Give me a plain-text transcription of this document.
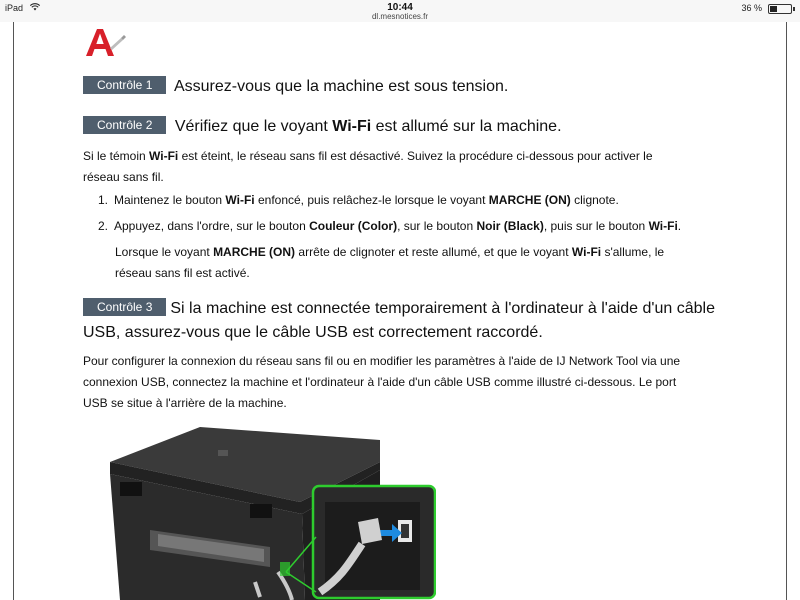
iPad	10:44
dl.mesnotices.fr
36 %
Contrôle 1 Assurez-vous que la machine est sous tension.
Contrôle 2 Vérifiez que le voyant Wi-Fi est allumé sur la machine.
Si le témoin Wi-Fi est éteint, le réseau sans fil est désactivé. Suivez la procédure ci-dessous pour activer le
réseau sans fil.
1. Maintenez le bouton Wi-Fi enfoncé, puis relâchez-le lorsque le voyant MARCHE (ON) clignote.
2. Appuyez, dans l'ordre, sur le bouton Couleur (Color), sur le bouton Noir (Black), puis sur le bouton Wi-Fi.
Lorsque le voyant MARCHE (ON) arrête de clignoter et reste allumé, et que le voyant Wi-Fi s'allume, le
réseau sans fil est activé.
Contrôle 3 Si la machine est connectée temporairement à l'ordinateur à l'aide d'un câble
USB, assurez-vous que le câble USB est correctement raccordé.
Pour configurer la connexion du réseau sans fil ou en modifier les paramètres à l'aide de IJ Network Tool via une
connexion USB, connectez la machine et l'ordinateur à l'aide d'un câble USB comme illustré ci-dessous. Le port
USB se situe à l'arrière de la machine.
